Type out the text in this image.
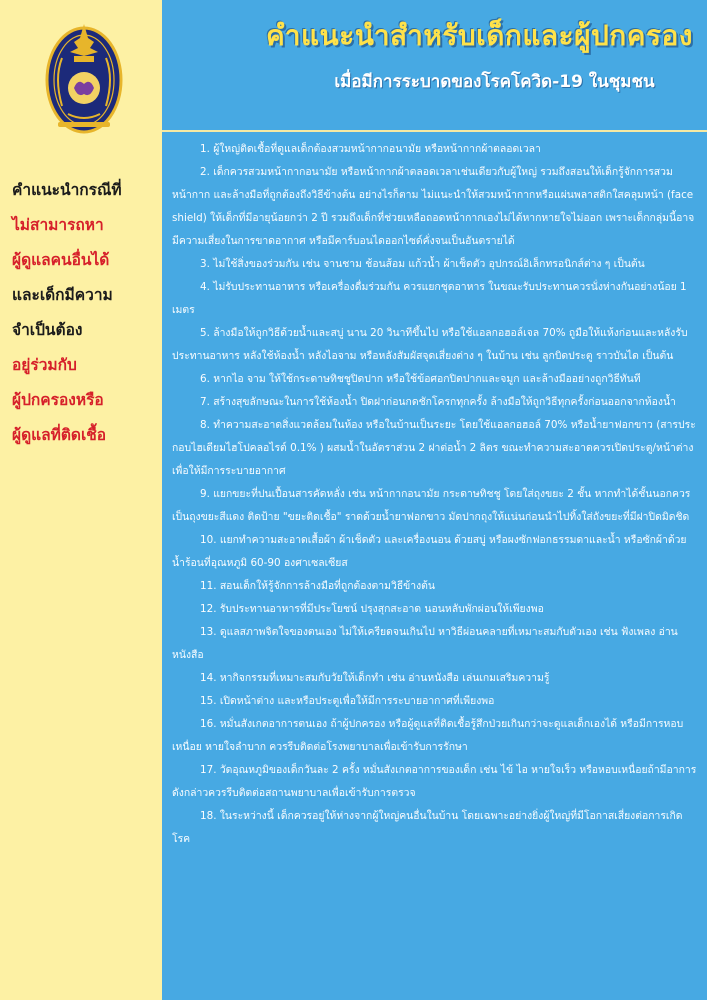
คำแนะนำกรณีที่
ไม่สามารถหา
ผู้ดูแลคนอื่นได้
และเด็กมีความ
จำเป็นต้อง
อยู่ร่วมกับ
ผู้ปกครองหรือ
ผู้ดูแลที่ติดเชื้อ
คำแนะนำสำหรับเด็กและผู้ปกครอง
เมื่อมีการระบาดของโรคโควิด-19 ในชุมชน

1. ผู้ใหญ่ติดเชื้อที่ดูแลเด็กต้องสวมหน้ากากอนามัย หรือหน้ากากผ้าตลอดเวลา

2. เด็กควรสวมหน้ากากอนามัย หรือหน้ากากผ้าตลอดเวลาเช่นเดียวกับผู้ใหญ่ รวมถึงสอนให้เด็กรู้จักการสวมหน้ากาก และล้างมือที่ถูกต้องถึงวิธีข้างต้น อย่างไรก็ตาม ไม่แนะนำให้สวมหน้ากากหรือแผ่นพลาสติกใสคลุมหน้า (face shield) ให้เด็กที่มีอายุน้อยกว่า 2 ปี รวมถึงเด็กที่ช่วยเหลือถอดหน้ากากเองไม่ได้หากหายใจไม่ออก เพราะเด็กกลุ่มนี้อาจมีความเสี่ยงในการขาดอากาศ หรือมีคาร์บอนไดออกไซด์คั่งจนเป็นอันตรายได้

3. ไม่ใช้สิ่งของร่วมกัน เช่น จานชาม ช้อนส้อม แก้วน้ำ ผ้าเช็ดตัว อุปกรณ์อิเล็กทรอนิกส์ต่าง ๆ เป็นต้น

4. ไม่รับประทานอาหาร หรือเครื่องดื่มร่วมกัน ควรแยกชุดอาหาร ในขณะรับประทานควรนั่งห่างกันอย่างน้อย 1 เมตร

5. ล้างมือให้ถูกวิธีด้วยน้ำและสบู่ นาน 20 วินาทีขึ้นไป หรือใช้แอลกอฮอล์เจล 70% ถูมือให้แห้งก่อนและหลังรับประทานอาหาร หลังใช้ห้องน้ำ หลังไอจาม หรือหลังสัมผัสจุดเสี่ยงต่าง ๆ ในบ้าน เช่น ลูกบิดประตู ราวบันได เป็นต้น

6. หากไอ จาม ให้ใช้กระดาษทิชชูปิดปาก หรือใช้ข้อศอกปิดปากและจมูก และล้างมืออย่างถูกวิธีทันที

7. สร้างสุขลักษณะในการใช้ห้องน้ำ ปิดฝาก่อนกดชักโครกทุกครั้ง ล้างมือให้ถูกวิธีทุกครั้งก่อนออกจากห้องน้ำ

8. ทำความสะอาดสิ่งแวดล้อมในห้อง หรือในบ้านเป็นระยะ โดยใช้แอลกอฮอล์ 70% หรือน้ำยาฟอกขาว (สารประกอบไฮเดียมไฮโปคลอไรต์ 0.1% ) ผสมน้ำในอัตราส่วน 2 ฝาต่อน้ำ 2 ลิตร ขณะทำความสะอาดควรเปิดประตู/หน้าต่าง เพื่อให้มีการระบายอากาศ

9. แยกขยะที่ปนเปื้อนสารคัดหลั่ง เช่น หน้ากากอนามัย กระดาษทิชชู โดยใส่ถุงขยะ 2 ชั้น หากทำได้ชั้นนอกควรเป็นถุงขยะสีแดง ติดป้าย "ขยะติดเชื้อ" ราดด้วยน้ำยาฟอกขาว มัดปากถุงให้แน่นก่อนนำไปทิ้งใส่ถังขยะที่มีฝาปิดมิดชิด

10. แยกทำความสะอาดเสื้อผ้า ผ้าเช็ดตัว และเครื่องนอน ด้วยสบู่ หรือผงซักฟอกธรรมดาและน้ำ หรือซักผ้าด้วยน้ำร้อนที่อุณหภูมิ 60-90 องศาเซลเซียส

11. สอนเด็กให้รู้จักการล้างมือที่ถูกต้องตามวิธีข้างต้น

12. รับประทานอาหารที่มีประโยชน์ ปรุงสุกสะอาด นอนหลับพักผ่อนให้เพียงพอ

13. ดูแลสภาพจิตใจของตนเอง ไม่ให้เครียดจนเกินไป หาวิธีผ่อนคลายที่เหมาะสมกับตัวเอง เช่น ฟังเพลง อ่านหนังสือ

14. หากิจกรรมที่เหมาะสมกับวัยให้เด็กทำ เช่น อ่านหนังสือ เล่นเกมเสริมความรู้

15. เปิดหน้าต่าง และหรือประตูเพื่อให้มีการระบายอากาศที่เพียงพอ

16. หมั่นสังเกตอาการตนเอง ถ้าผู้ปกครอง หรือผู้ดูแลที่ติดเชื้อรู้สึกป่วยเกินกว่าจะดูแลเด็กเองได้ หรือมีการหอบเหนื่อย หายใจลำบาก ควรรีบติดต่อโรงพยาบาลเพื่อเข้ารับการรักษา

17. วัดอุณหภูมิของเด็กวันละ 2 ครั้ง หมั่นสังเกตอาการของเด็ก เช่น ไข้ ไอ หายใจเร็ว หรือหอบเหนื่อยถ้ามีอาการดังกล่าวควรรีบติดต่อสถานพยาบาลเพื่อเข้ารับการตรวจ

18. ในระหว่างนี้ เด็กควรอยู่ให้ห่างจากผู้ใหญ่คนอื่นในบ้าน โดยเฉพาะอย่างยิ่งผู้ใหญ่ที่มีโอกาสเสี่ยงต่อการเกิดโรค
